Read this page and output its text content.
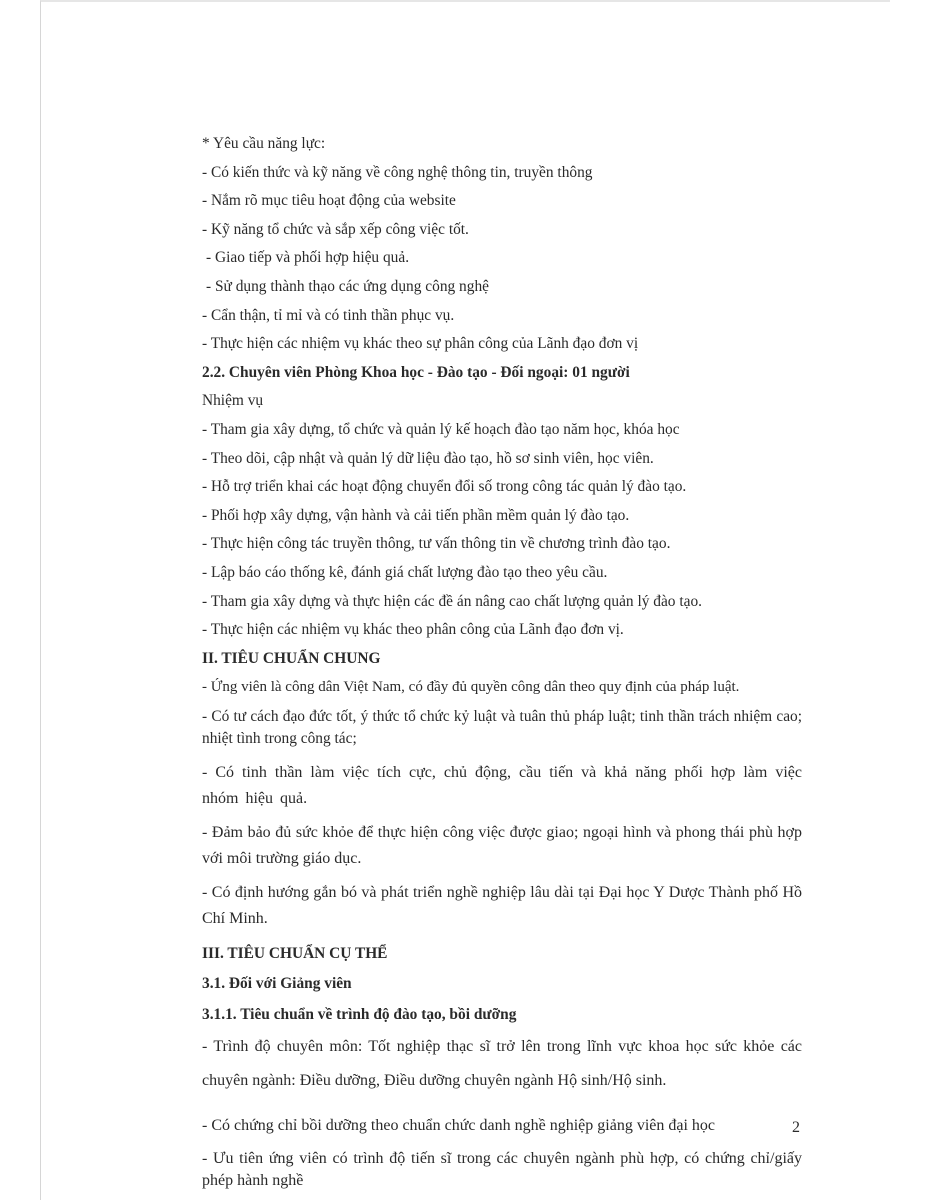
* Yêu cầu năng lực:
- Có kiến thức và kỹ năng về công nghệ thông tin, truyền thông
- Nắm rõ mục tiêu hoạt động của website
- Kỹ năng tổ chức và sắp xếp công việc tốt.
- Giao tiếp và phối hợp hiệu quả.
- Sử dụng thành thạo các ứng dụng công nghệ
- Cẩn thận, tỉ mỉ và có tinh thần phục vụ.
- Thực hiện các nhiệm vụ khác theo sự phân công của Lãnh đạo đơn vị
2.2. Chuyên viên Phòng Khoa học - Đào tạo - Đối ngoại: 01 người
Nhiệm vụ
- Tham gia xây dựng, tổ chức và quản lý kế hoạch đào tạo năm học, khóa học
- Theo dõi, cập nhật và quản lý dữ liệu đào tạo, hồ sơ sinh viên, học viên.
- Hỗ trợ triển khai các hoạt động chuyển đổi số trong công tác quản lý đào tạo.
- Phối hợp xây dựng, vận hành và cải tiến phần mềm quản lý đào tạo.
- Thực hiện công tác truyền thông, tư vấn thông tin về chương trình đào tạo.
- Lập báo cáo thống kê, đánh giá chất lượng đào tạo theo yêu cầu.
- Tham gia xây dựng và thực hiện các đề án nâng cao chất lượng quản lý đào tạo.
- Thực hiện các nhiệm vụ khác theo phân công của Lãnh đạo đơn vị.
II. TIÊU CHUẨN CHUNG
- Ứng viên là công dân Việt Nam, có đầy đủ quyền công dân theo quy định của pháp luật.
- Có tư cách đạo đức tốt, ý thức tổ chức kỷ luật và tuân thủ pháp luật; tinh thần trách nhiệm cao; nhiệt tình trong công tác;
- Có tinh thần làm việc tích cực, chủ động, cầu tiến và khả năng phối hợp làm việc nhóm hiệu quả.
- Đảm bảo đủ sức khỏe để thực hiện công việc được giao; ngoại hình và phong thái phù hợp với môi trường giáo dục.
- Có định hướng gắn bó và phát triển nghề nghiệp lâu dài tại Đại học Y Dược Thành phố Hồ Chí Minh.
III. TIÊU CHUẨN CỤ THỂ
3.1. Đối với Giảng viên
3.1.1. Tiêu chuẩn về trình độ đào tạo, bồi dưỡng
- Trình độ chuyên môn: Tốt nghiệp thạc sĩ trở lên trong lĩnh vực khoa học sức khỏe các chuyên ngành: Điều dưỡng, Điều dưỡng chuyên ngành Hộ sinh/Hộ sinh.
- Có chứng chỉ bồi dưỡng theo chuẩn chức danh nghề nghiệp giảng viên đại học
- Ưu tiên ứng viên có trình độ tiến sĩ trong các chuyên ngành phù hợp, có chứng chỉ/giấy phép hành nghề
2
